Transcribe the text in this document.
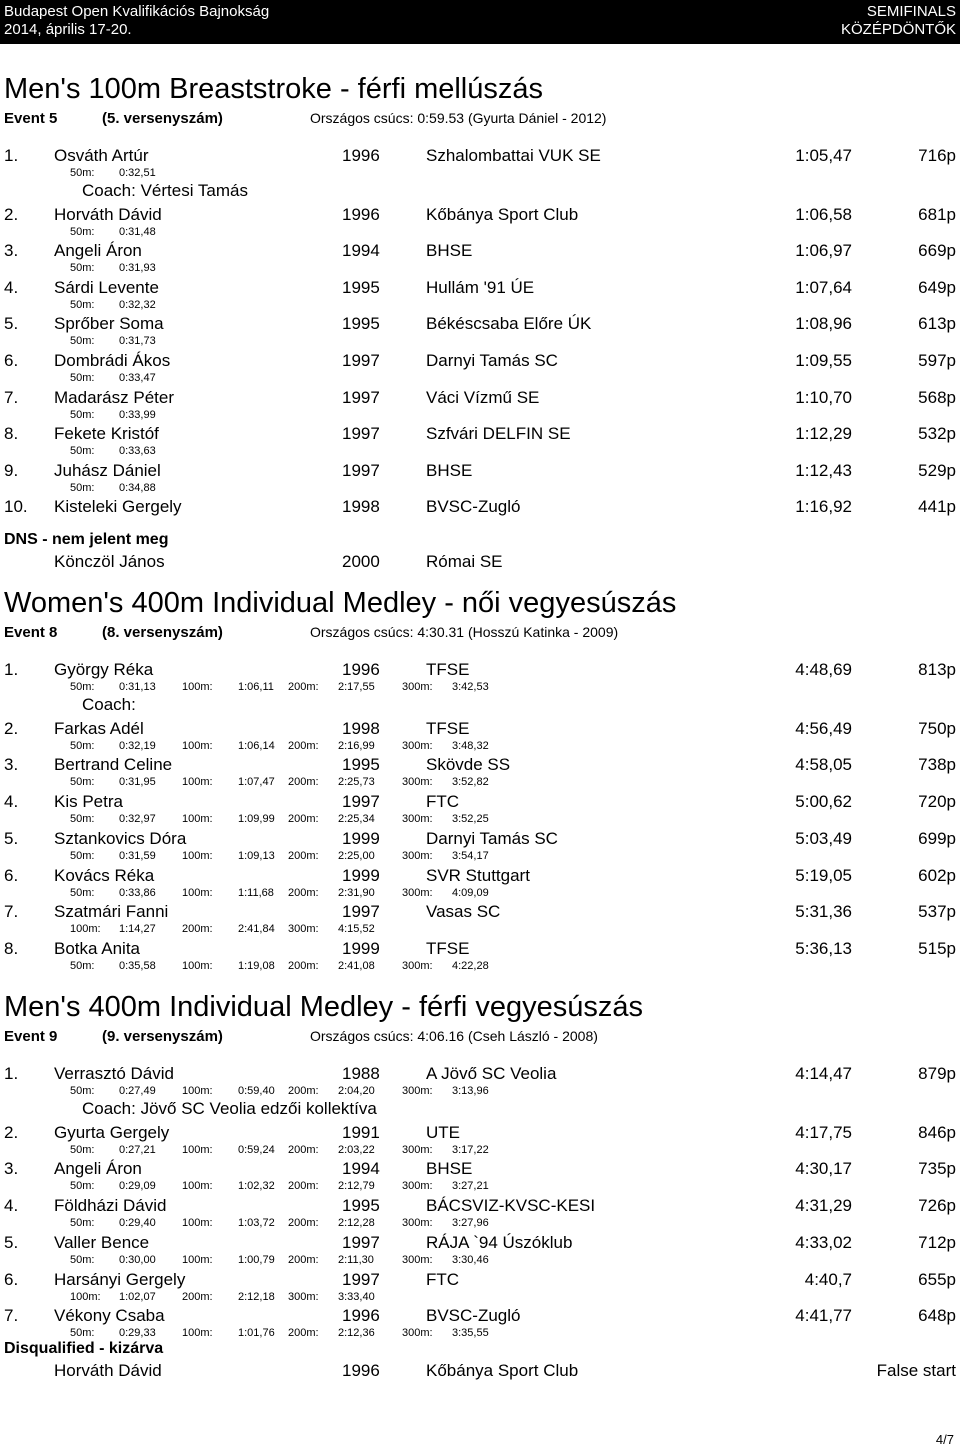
Budapest Open Kvalifikációs Bajnokság
2014, április 17-20.
SEMIFINALS
KÖZÉPDÖNTŐK
Men's 100m Breaststroke - férfi mellúszás
Event 5	(5. versenyszám)	Országos csúcs: 0:59.53 (Gyurta Dániel - 2012)
1. Osváth Artúr	1996	Szhalombattai VUK SE	1:05,47	716p
50m: 0:32,51
Coach: Vértesi Tamás
2. Horváth Dávid	1996	Kőbánya Sport Club	1:06,58	681p
50m: 0:31,48
3. Angeli Áron	1994	BHSE	1:06,97	669p
50m: 0:31,93
4. Sárdi Levente	1995	Hullám '91 ÚE	1:07,64	649p
50m: 0:32,32
5. Sprőber Soma	1995	Békéscsaba Előre ÚK	1:08,96	613p
50m: 0:31,73
6. Dombrádi Ákos	1997	Darnyi Tamás SC	1:09,55	597p
50m: 0:33,47
7. Madarász Péter	1997	Váci Vízmű SE	1:10,70	568p
50m: 0:33,99
8. Fekete Kristóf	1997	Szfvári DELFIN SE	1:12,29	532p
50m: 0:33,63
9. Juhász Dániel	1997	BHSE	1:12,43	529p
50m: 0:34,88
10. Kisteleki Gergely	1998	BVSC-Zugló	1:16,92	441p
DNS - nem jelent meg
Könczöl János	2000	Római SE
Women's 400m Individual Medley - női vegyesúszás
Event 8	(8. versenyszám)	Országos csúcs: 4:30.31 (Hosszú Katinka - 2009)
1. György Réka	1996	TFSE	4:48,69	813p
50m: 0:31,13 100m: 1:06,11 200m: 2:17,55 300m: 3:42,53
Coach:
2. Farkas Adél	1998	TFSE	4:56,49	750p
50m: 0:32,19 100m: 1:06,14 200m: 2:16,99 300m: 3:48,32
3. Bertrand Celine	1995	Skövde SS	4:58,05	738p
50m: 0:31,95 100m: 1:07,47 200m: 2:25,73 300m: 3:52,82
4. Kis Petra	1997	FTC	5:00,62	720p
50m: 0:32,97 100m: 1:09,99 200m: 2:25,34 300m: 3:52,25
5. Sztankovics Dóra	1999	Darnyi Tamás SC	5:03,49	699p
50m: 0:31,59 100m: 1:09,13 200m: 2:25,00 300m: 3:54,17
6. Kovács Réka	1999	SVR Stuttgart	5:19,05	602p
50m: 0:33,86 100m: 1:11,68 200m: 2:31,90 300m: 4:09,09
7. Szatmári Fanni	1997	Vasas SC	5:31,36	537p
100m: 1:14,27 200m: 2:41,84 300m: 4:15,52
8. Botka Anita	1999	TFSE	5:36,13	515p
50m: 0:35,58 100m: 1:19,08 200m: 2:41,08 300m: 4:22,28
Men's 400m Individual Medley - férfi vegyesúszás
Event 9	(9. versenyszám)	Országos csúcs: 4:06.16 (Cseh László - 2008)
1. Verrasztó Dávid	1988	A Jövő SC Veolia	4:14,47	879p
50m: 0:27,49 100m: 0:59,40 200m: 2:04,20 300m: 3:13,96
Coach: Jövő SC Veolia edzői kollektíva
2. Gyurta Gergely	1991	UTE	4:17,75	846p
50m: 0:27,21 100m: 0:59,24 200m: 2:03,22 300m: 3:17,22
3. Angeli Áron	1994	BHSE	4:30,17	735p
50m: 0:29,09 100m: 1:02,32 200m: 2:12,79 300m: 3:27,21
4. Földházi Dávid	1995	BÁCSVIZ-KVSC-KESI	4:31,29	726p
50m: 0:29,40 100m: 1:03,72 200m: 2:12,28 300m: 3:27,96
5. Valler Bence	1997	RÁJA `94 Úszóklub	4:33,02	712p
50m: 0:30,00 100m: 1:00,79 200m: 2:11,30	300m: 3:30,46
6. Harsányi Gergely	1997	FTC	4:40,7	655p
100m: 1:02,07 200m: 2:12,18 300m: 3:33,40
7. Vékony Csaba	1996	BVSC-Zugló	4:41,77	648p
50m: 0:29,33 100m: 1:01,76 200m: 2:12,36 300m: 3:35,55
Disqualified - kizárva
Horváth Dávid	1996	Kőbánya Sport Club	False start
4/7
